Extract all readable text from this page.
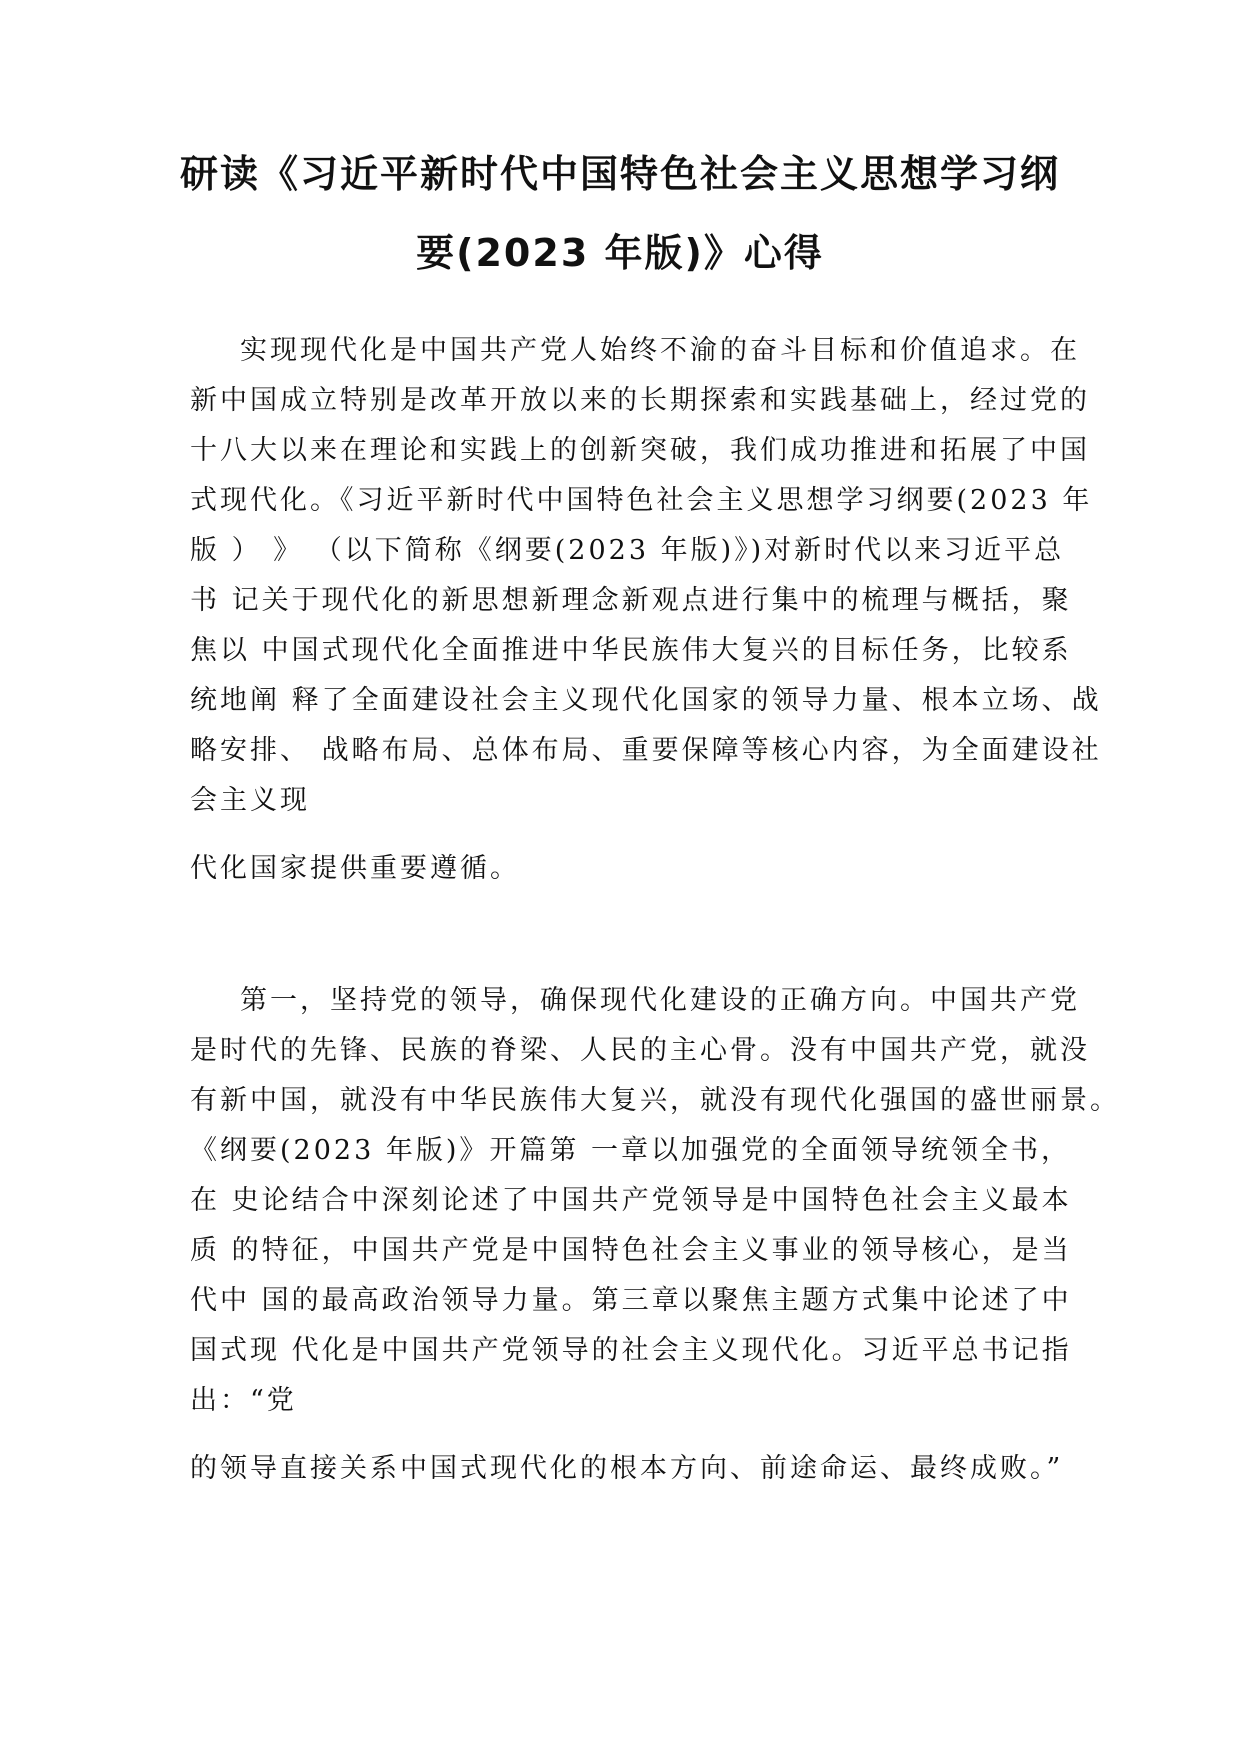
研读《习近平新时代中国特色社会主义思想学习纲
要(2023 年版)》心得
实现现代化是中国共产党人始终不渝的奋斗目标和价值追求。在
新中国成立特别是改革开放以来的长期探索和实践基础上，经过党的
十八大以来在理论和实践上的创新突破，我们成功推进和拓展了中国
式现代化。《习近平新时代中国特色社会主义思想学习纲要(2023 年
版 ） 》 （以下简称《纲要(2023 年版)》)对新时代以来习近平总
书 记关于现代化的新思想新理念新观点进行集中的梳理与概括，聚
焦以 中国式现代化全面推进中华民族伟大复兴的目标任务，比较系
统地阐 释了全面建设社会主义现代化国家的领导力量、根本立场、战
略安排、 战略布局、总体布局、重要保障等核心内容，为全面建设社
会主义现
代化国家提供重要遵循。
第一，坚持党的领导，确保现代化建设的正确方向。中国共产党
是时代的先锋、民族的脊梁、人民的主心骨。没有中国共产党，就没
有新中国，就没有中华民族伟大复兴，就没有现代化强国的盛世丽景。
《纲要(2023 年版)》开篇第 一章以加强党的全面领导统领全书，
在 史论结合中深刻论述了中国共产党领导是中国特色社会主义最本
质 的特征，中国共产党是中国特色社会主义事业的领导核心，是当
代中 国的最高政治领导力量。第三章以聚焦主题方式集中论述了中
国式现 代化是中国共产党领导的社会主义现代化。习近平总书记指
出：“党
的领导直接关系中国式现代化的根本方向、前途命运、最终成败。”
